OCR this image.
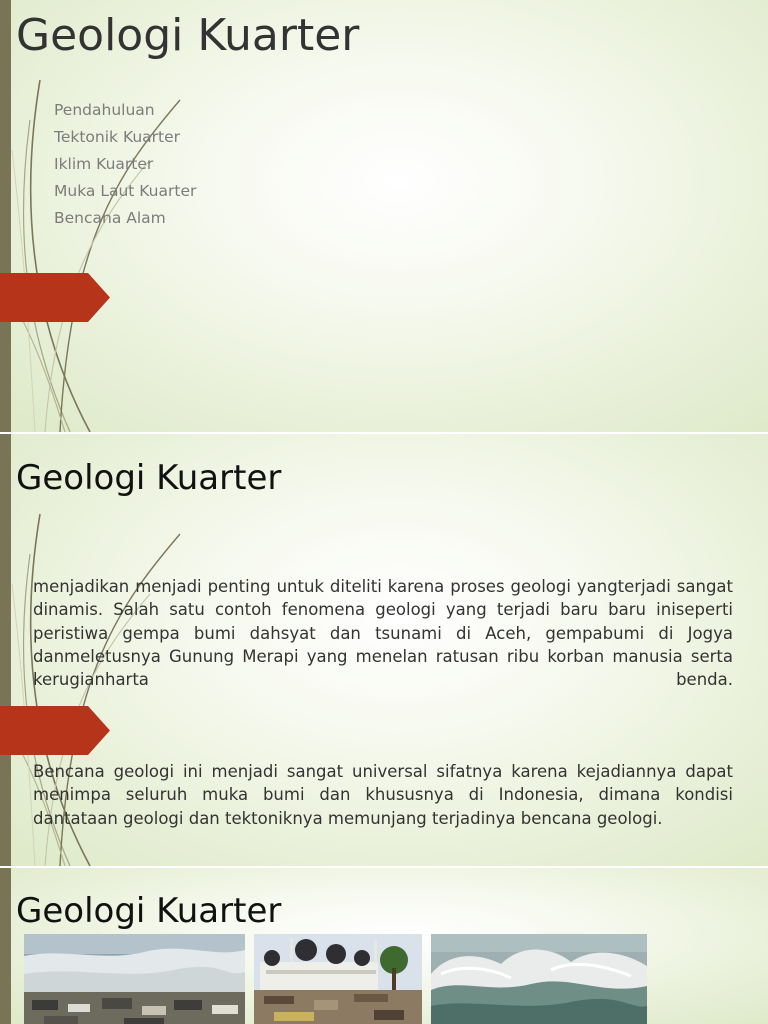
Geologi Kuarter
Pendahuluan
Tektonik Kuarter
Iklim Kuarter
Muka Laut Kuarter
Bencana Alam
Geologi Kuarter

menjadikan menjadi penting untuk diteliti karena proses geologi yangterjadi sangat dinamis. Salah satu contoh fenomena geologi yang terjadi baru baru iniseperti peristiwa gempa bumi dahsyat dan tsunami di Aceh, gempabumi di Jogya danmeletusnya Gunung Merapi yang menelan ratusan ribu korban manusia serta kerugianharta benda.

Bencana geologi ini menjadi sangat universal sifatnya karena kejadiannya dapat menimpa seluruh muka bumi dan khususnya di Indonesia, dimana kondisi dantataan geologi dan tektoniknya memunjang terjadinya bencana geologi.

Geologi Kuarter
